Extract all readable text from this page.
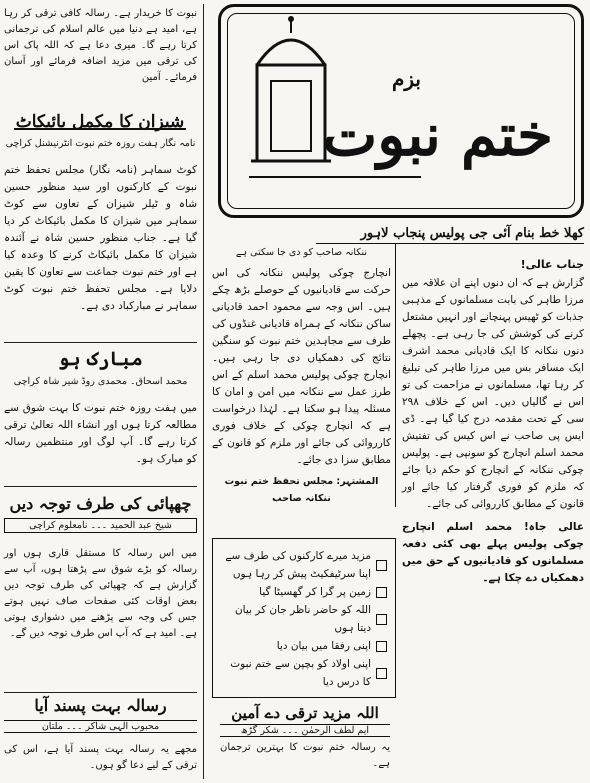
نبوت کا خریدار ہے۔ رسالہ کافی ترقی کر رہا ہے، امید ہے دنیا میں عالم اسلام کی ترجمانی کرتا رہے گا۔ میری دعا ہے کہ اللہ پاک اس کی ترقی میں مزید اضافہ فرمائے اور آسان فرمائے۔ آمین

شیزان کا مکمل بائیکاٹ
نامہ نگار ہفت روزہ ختم نبوت انٹرنیشنل کراچی

کوٹ سماہر (نامہ نگار) مجلس تحفظ ختم نبوت کے کارکنوں اور سید منظور حسین شاہ و ٹیلر شیزان کے تعاون سے کوٹ سماہر میں شیزان کا مکمل بائیکاٹ کر دیا گیا ہے۔ جناب منظور حسین شاہ نے آئندہ شیزان کا مکمل بائیکاٹ کرنے کا وعدہ کیا ہے اور ختم نبوت جماعت سے تعاون کا یقین دلایا ہے۔ مجلس تحفظ ختم نبوت کوٹ سماہر نے مبارکباد دی ہے۔

مبارک ہو
محمد اسحاق۔ محمدی روڈ شیر شاہ کراچی

میں ہفت روزہ ختم نبوت کا بہت شوق سے مطالعہ کرتا ہوں اور انشاء اللہ تعالیٰ ترقی کرتا رہے گا۔ آپ لوگ اور منتظمین رسالہ کو مبارک ہو۔

چھپائی کی طرف توجہ دیں
شیخ عبد الحمید ۔۔۔ نامعلوم کراچی

میں اس رسالہ کا مستقل قاری ہوں اور رسالہ کو بڑے شوق سے پڑھتا ہوں، آپ سے گزارش ہے کہ چھپائی کی طرف توجہ دیں بعض اوقات کئی صفحات صاف نہیں ہوتے جس کی وجہ سے پڑھنے میں دشواری ہوتی ہے۔ امید ہے کہ آپ اس طرف توجہ دیں گے۔

رسالہ بہت پسند آیا
محبوب الہی شاکر ۔۔۔ ملتان

مجھے یہ رسالہ بہت پسند آیا ہے، اس کی ترقی کے لیے دعا گو ہوں۔

بزم
ختم نبوت
کھلا خط بنام آئی جی پولیس پنجاب لاہور
جناب عالی!

گزارش ہے کہ ان دنوں اپنے ان علاقہ میں مرزا طاہر کی بابت مسلمانوں کے مذہبی جذبات کو ٹھیس پہنچانے اور انہیں مشتعل کرنے کی کوشش کی جا رہی ہے۔ پچھلے دنوں ننکانہ کا ایک قادیانی محمد اشرف ایک مسافر بس میں مرزا طاہر کی تبلیغ کر رہا تھا، مسلمانوں نے مزاحمت کی تو اس نے گالیاں دیں۔ اس کے خلاف ۲۹۸ سی کے تحت مقدمہ درج کیا گیا ہے۔ ڈی ایس پی صاحب نے اس کیس کی تفتیش محمد اسلم انچارج کو سونپی ہے۔ پولیس چوکی ننکانہ کے انچارج کو حکم دیا جائے کہ ملزم کو فوری گرفتار کیا جائے اور قانون کے مطابق کارروائی کی جائے۔

عالی جاہ! محمد اسلم انچارج چوکی پولیس پہلے بھی کئی دفعہ مسلمانوں کو قادیانیوں کے حق میں دھمکیاں دے چکا ہے۔

ننکانہ صاحب کو دی جا سکتی ہے

انچارج چوکی پولیس ننکانہ کی اس حرکت سے قادیانیوں کے حوصلے بڑھ چکے ہیں۔ اس وجہ سے محمود احمد قادیانی ساکن ننکانہ کے ہمراہ قادیانی غنڈوں کی طرف سے مجاہدین ختم نبوت کو سنگین نتائج کی دھمکیاں دی جا رہی ہیں۔ انچارج چوکی پولیس محمد اسلم کے اس طرز عمل سے ننکانہ میں امن و امان کا مسئلہ پیدا ہو سکتا ہے۔ لہٰذا درخواست ہے کہ انچارج چوکی کے خلاف فوری کارروائی کی جائے اور ملزم کو قانون کے مطابق سزا دی جائے۔

المشتہر: مجلس تحفظ ختم نبوت ننکانہ صاحب
مزید میرے کارکنوں کی طرف سے اپنا سرٹیفکیٹ پیش کر رہا ہوں
زمین پر گرا کر گھسیٹا گیا
اللہ کو حاضر ناظر جان کر بیان دیتا ہوں
اپنی رفقا میں بیان دیا
اپنی اولاد کو بچپن سے ختم نبوت کا درس دیا
اللہ مزید ترقی دے آمین
ایم لطف الرحمٰن ۔۔۔ شکر گڑھ

یہ رسالہ ختم نبوت کا بہترین ترجمان ہے۔
